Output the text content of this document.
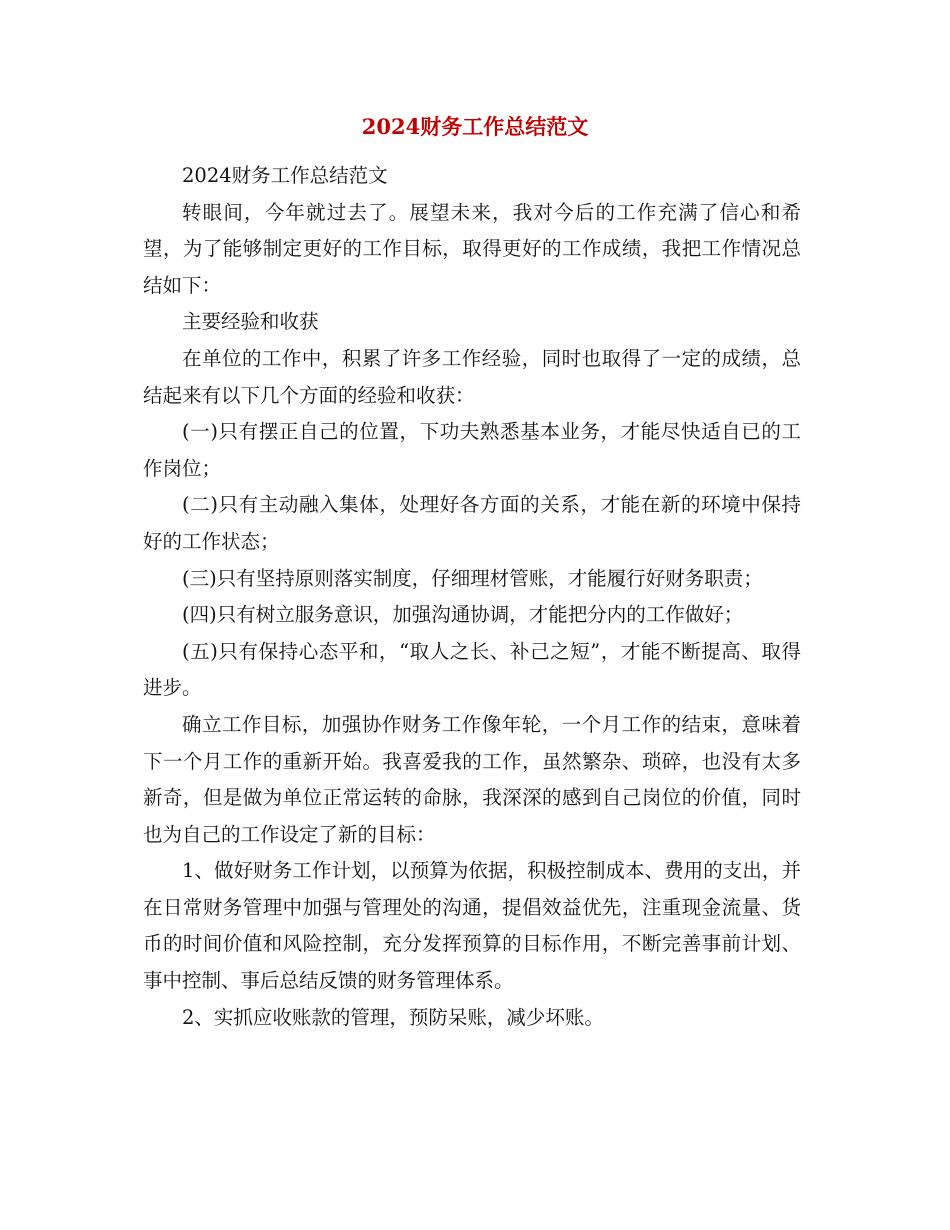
2024财务工作总结范文

2024财务工作总结范文

转眼间，今年就过去了。展望未来，我对今后的工作充满了信心和希望，为了能够制定更好的工作目标，取得更好的工作成绩，我把工作情况总结如下：

主要经验和收获

在单位的工作中，积累了许多工作经验，同时也取得了一定的成绩，总结起来有以下几个方面的经验和收获：

(一)只有摆正自己的位置，下功夫熟悉基本业务，才能尽快适自已的工作岗位；

(二)只有主动融入集体，处理好各方面的关系，才能在新的环境中保持好的工作状态；

(三)只有坚持原则落实制度，仔细理材管账，才能履行好财务职责；

(四)只有树立服务意识，加强沟通协调，才能把分内的工作做好；

(五)只有保持心态平和，“取人之长、补己之短”，才能不断提高、取得进步。

确立工作目标，加强协作财务工作像年轮，一个月工作的结束，意味着下一个月工作的重新开始。我喜爱我的工作，虽然繁杂、琐碎，也没有太多新奇，但是做为单位正常运转的命脉，我深深的感到自己岗位的价值，同时也为自己的工作设定了新的目标：

1、做好财务工作计划，以预算为依据，积极控制成本、费用的支出，并在日常财务管理中加强与管理处的沟通，提倡效益优先，注重现金流量、货币的时间价值和风险控制，充分发挥预算的目标作用，不断完善事前计划、事中控制、事后总结反馈的财务管理体系。

2、实抓应收账款的管理，预防呆账，减少坏账。
